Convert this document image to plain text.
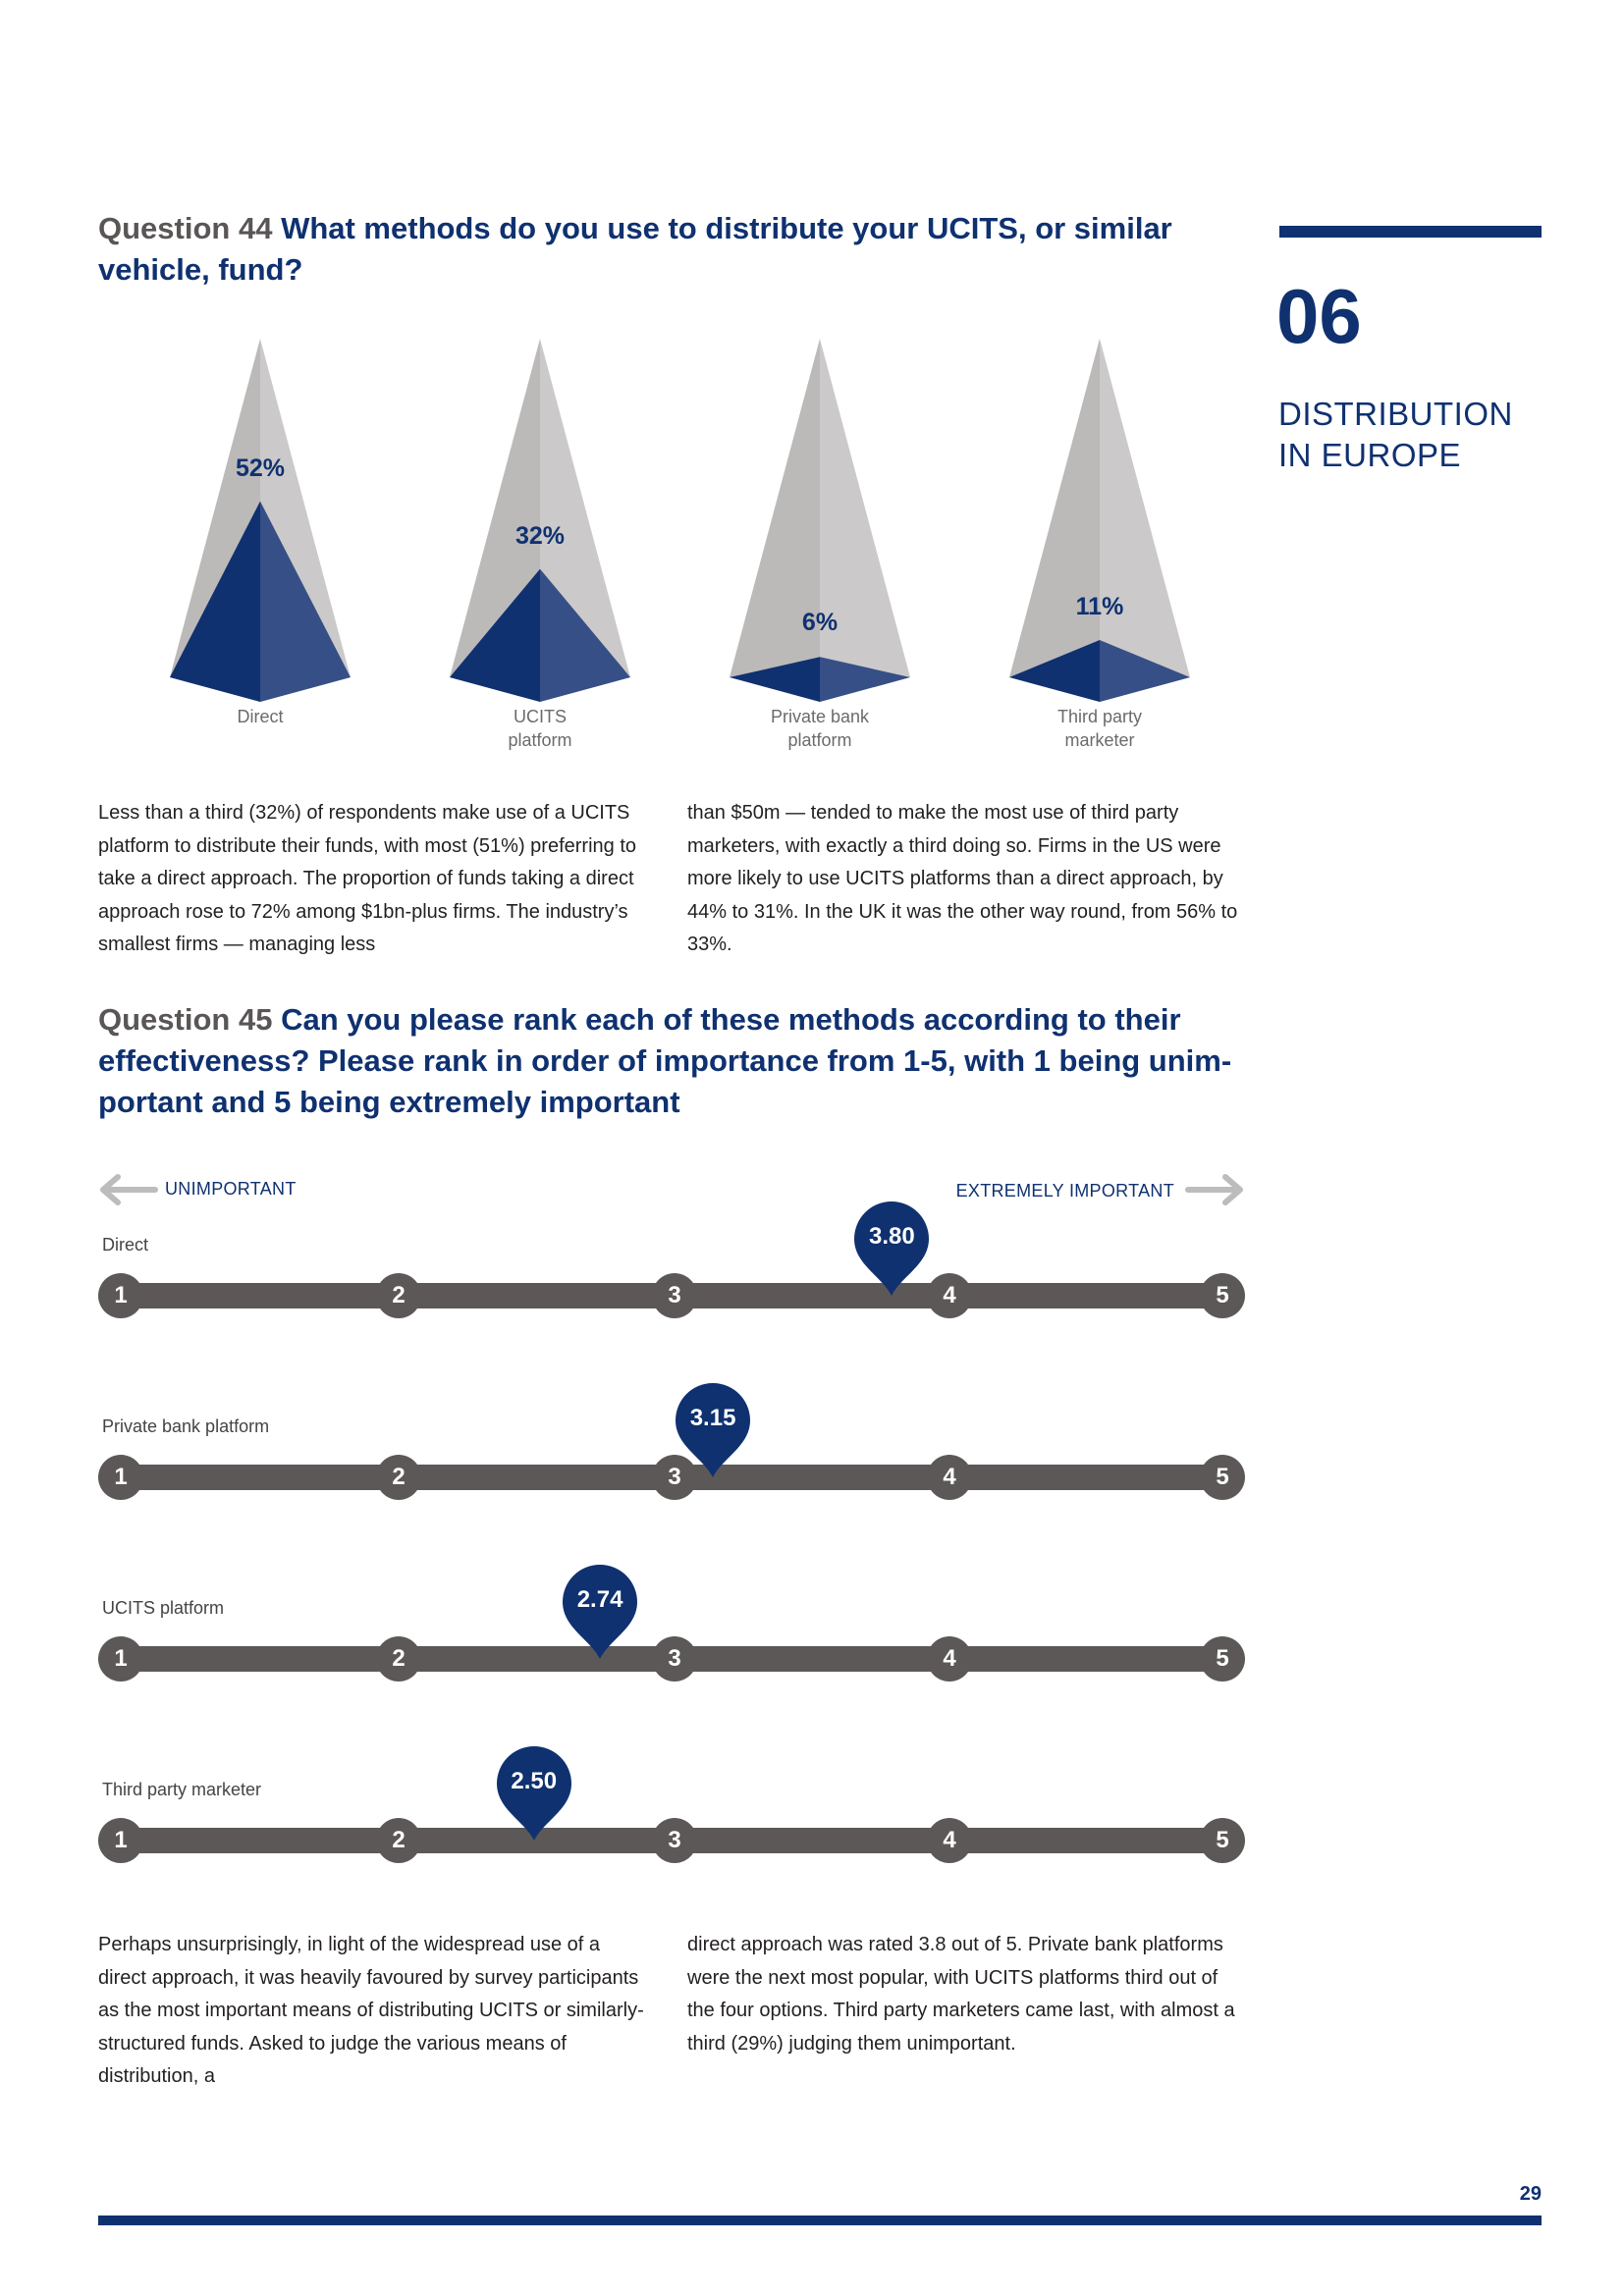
Question 44 What methods do you use to distribute your UCITS, or similar
vehicle, fund?

06
DISTRIBUTION
IN EUROPE
52%
32%
6%
11%
Direct	UCITS
platform
Private bank
platform
Third party
marketer

Less than a third (32%) of respondents make use of a UCITS platform to distribute their funds, with most (51%) preferring to take a direct approach. The proportion of funds taking a direct approach rose to 72% among $1bn-plus firms. The industry’s smallest firms — managing less

than $50m — tended to make the most use of third party marketers, with exactly a third doing so. Firms in the US were more likely to use UCITS platforms than a direct approach, by 44% to 31%. In the UK it was the other way round, from 56% to 33%.

Question 45 Can you please rank each of these methods according to their
effectiveness? Please rank in order of importance from 1-5, with 1 being unim-
portant and 5 being extremely important

UNIMPORTANT	EXTREMELY IMPORTANT
Direct
1	2	3	4	5
3.80
Private bank platform
1	2	3	4	5
3.15
UCITS platform
1	2	3	4	5
2.74
Third party marketer
1	2	3	4	5
2.50

Perhaps unsurprisingly, in light of the widespread use of a direct approach, it was heavily favoured by survey participants as the most important means of distributing UCITS or similarly-structured funds. Asked to judge the various means of distribution, a

direct approach was rated 3.8 out of 5. Private bank platforms were the next most popular, with UCITS platforms third out of the four options. Third party marketers came last, with almost a third (29%) judging them unimportant.

29
